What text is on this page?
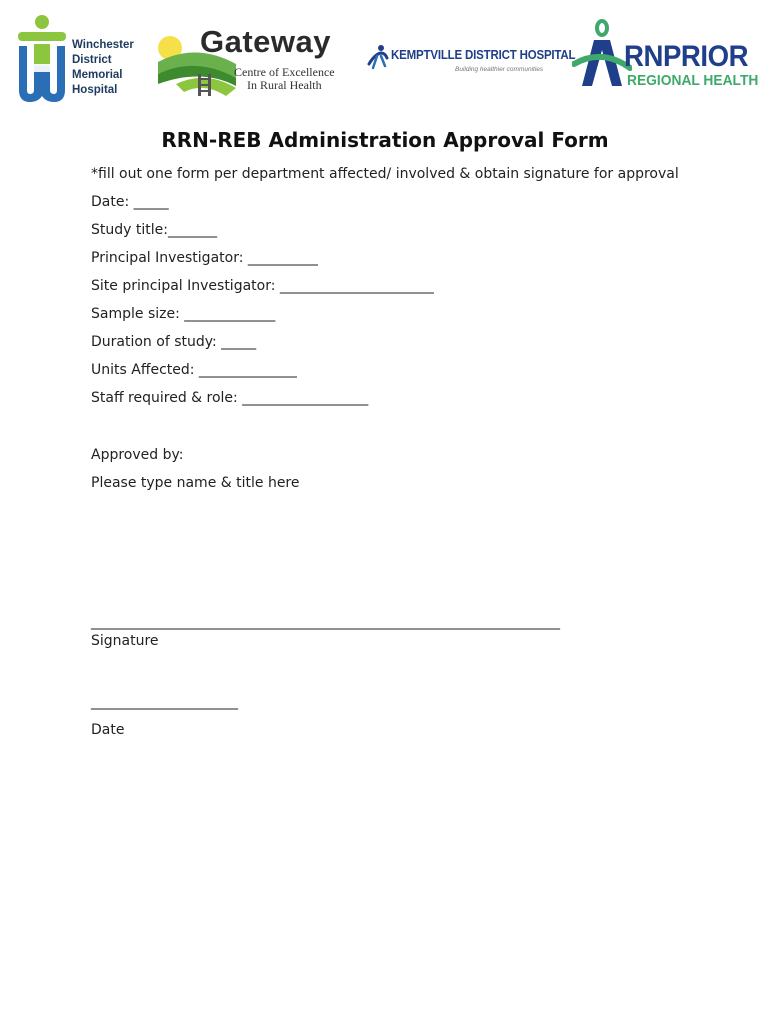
Winchester
District
Memorial
Hospital
Gateway
Centre of Excellence
In Rural Health
KEMPTVILLE DISTRICT HOSPITAL
Building healthier communities	RNPRIOR
REGIONAL HEALTH
RRN-REB Administration Approval Form
*fill out one form per department affected/ involved & obtain signature for approval
Date: _____
Study title:_______
Principal Investigator: __________
Site principal Investigator: ______________________
Sample size: _____________
Duration of study: _____
Units Affected: ______________
Staff required & role: __________________
Approved by:
Please type name & title here
___________________________________________________________________
Signature
_____________________
Date
